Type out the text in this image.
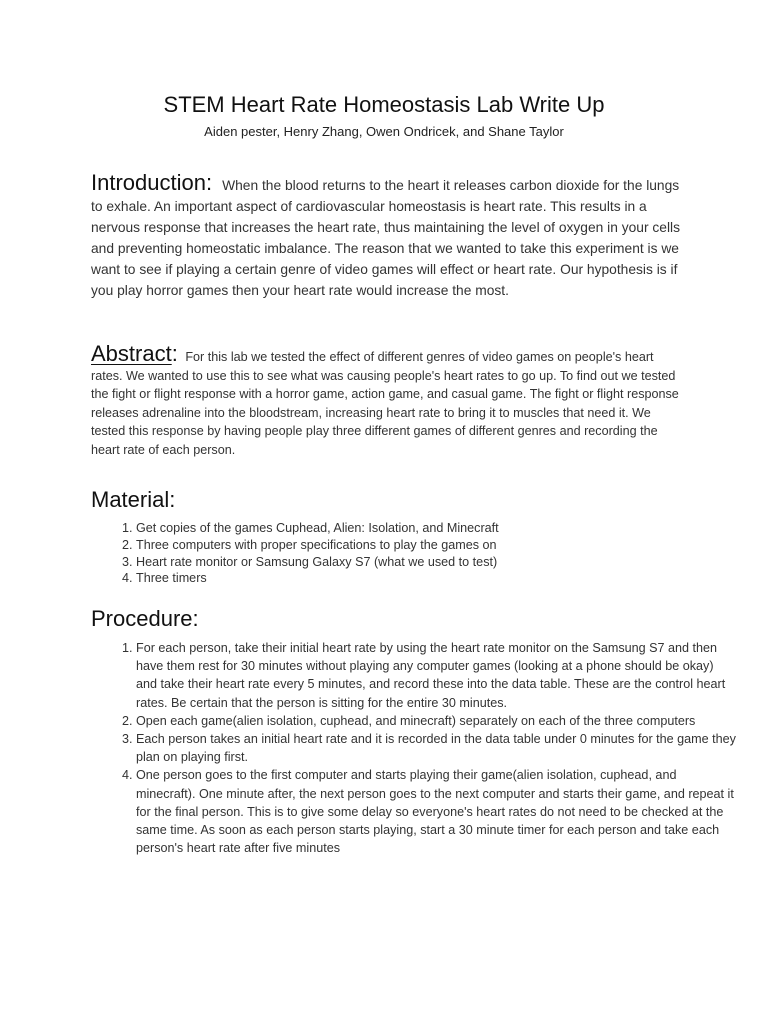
STEM Heart Rate Homeostasis Lab Write Up

Aiden pester, Henry Zhang, Owen Ondricek, and Shane Taylor

Introduction: When the blood returns to the heart it releases carbon dioxide for the lungs to exhale. An important aspect of cardiovascular homeostasis is heart rate. This results in a nervous response that increases the heart rate, thus maintaining the level of oxygen in your cells and preventing homeostatic imbalance. The reason that we wanted to take this experiment is we want to see if playing a certain genre of video games will effect or heart rate. Our hypothesis is if you play horror games then your heart rate would increase the most.

Abstract: For this lab we tested the effect of different genres of video games on people's heart rates. We wanted to use this to see what was causing people's heart rates to go up. To find out we tested the fight or flight response with a horror game, action game, and casual game. The fight or flight response releases adrenaline into the bloodstream, increasing heart rate to bring it to muscles that need it. We tested this response by having people play three different games of different genres and recording the heart rate of each person.

Material:
1. Get copies of the games Cuphead, Alien: Isolation, and Minecraft
2. Three computers with proper specifications to play the games on
3. Heart rate monitor or Samsung Galaxy S7 (what we used to test)
4. Three timers
Procedure:
1. For each person, take their initial heart rate by using the heart rate monitor on the Samsung S7 and then have them rest for 30 minutes without playing any computer games (looking at a phone should be okay) and take their heart rate every 5 minutes, and record these into the data table. These are the control heart rates. Be certain that the person is sitting for the entire 30 minutes.
2. Open each game(alien isolation, cuphead, and minecraft) separately on each of the three computers
3. Each person takes an initial heart rate and it is recorded in the data table under 0 minutes for the game they plan on playing first.
4. One person goes to the first computer and starts playing their game(alien isolation, cuphead, and minecraft). One minute after, the next person goes to the next computer and starts their game, and repeat it for the final person. This is to give some delay so everyone's heart rates do not need to be checked at the same time. As soon as each person starts playing, start a 30 minute timer for each person and take each person's heart rate after five minutes
